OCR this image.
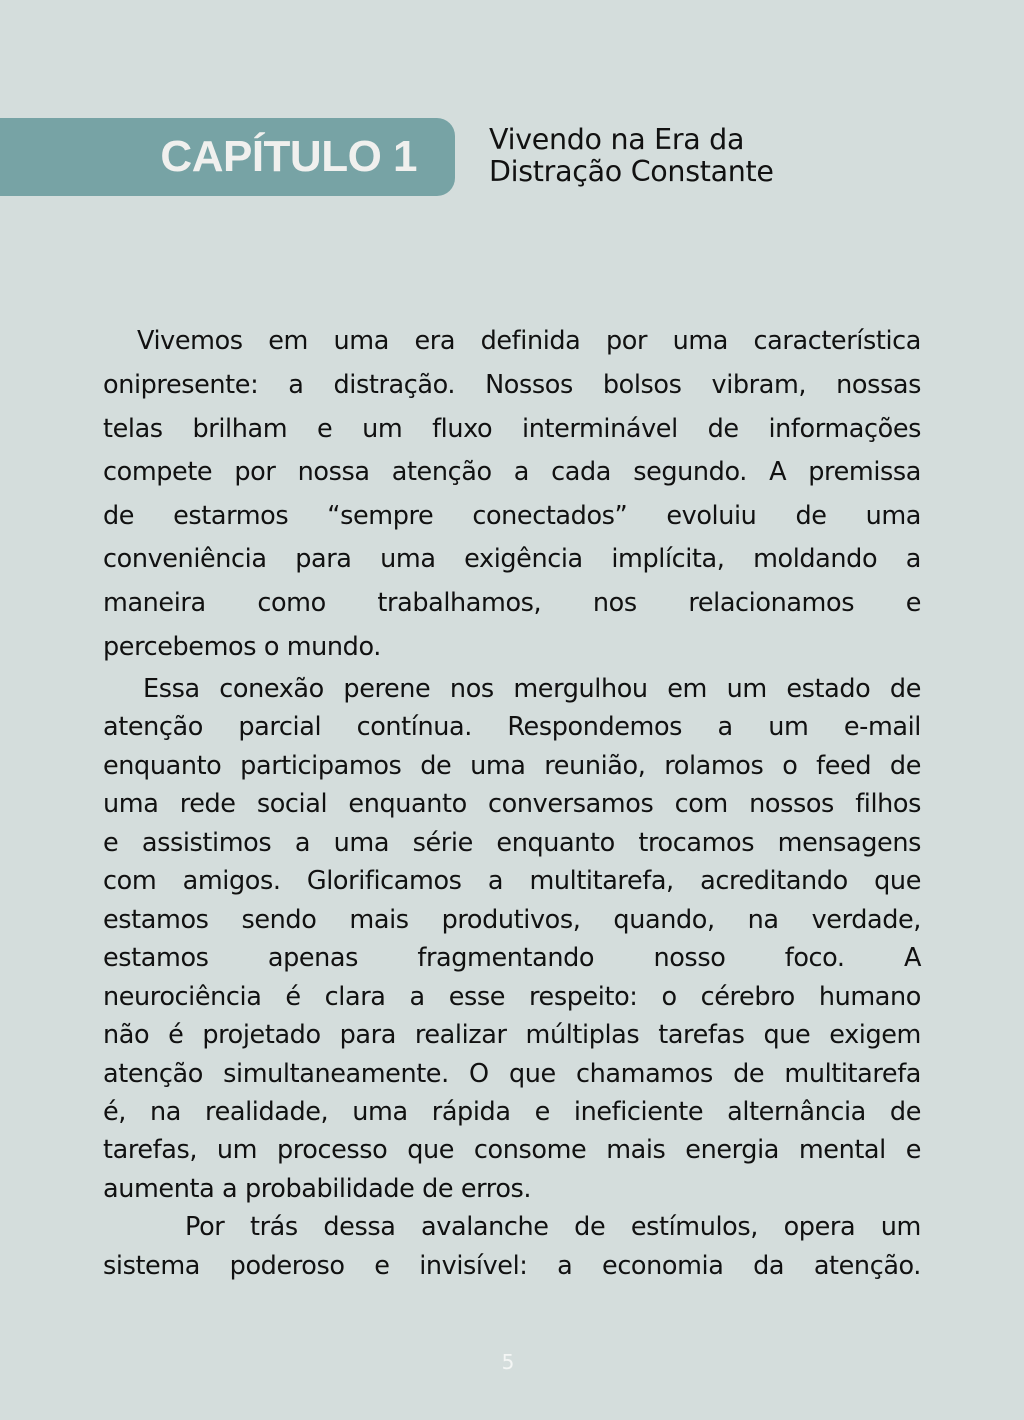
CAPÍTULO 1	Vivendo na Era da
Distração Constante
Vivemos em uma era definida por uma característica
onipresente: a distração. Nossos bolsos vibram, nossas
telas brilham e um fluxo interminável de informações
compete por nossa atenção a cada segundo. A premissa
de estarmos “sempre conectados” evoluiu de uma
conveniência para uma exigência implícita, moldando a
maneira como trabalhamos, nos relacionamos e
percebemos o mundo.
Essa conexão perene nos mergulhou em um estado de
atenção parcial contínua. Respondemos a um e-mail
enquanto participamos de uma reunião, rolamos o feed de
uma rede social enquanto conversamos com nossos filhos
e assistimos a uma série enquanto trocamos mensagens
com amigos. Glorificamos a multitarefa, acreditando que
estamos sendo mais produtivos, quando, na verdade,
estamos apenas fragmentando nosso foco. A
neurociência é clara a esse respeito: o cérebro humano
não é projetado para realizar múltiplas tarefas que exigem
atenção simultaneamente. O que chamamos de multitarefa
é, na realidade, uma rápida e ineficiente alternância de
tarefas, um processo que consome mais energia mental e
aumenta a probabilidade de erros.
Por trás dessa avalanche de estímulos, opera um
sistema poderoso e invisível: a economia da atenção.
5
